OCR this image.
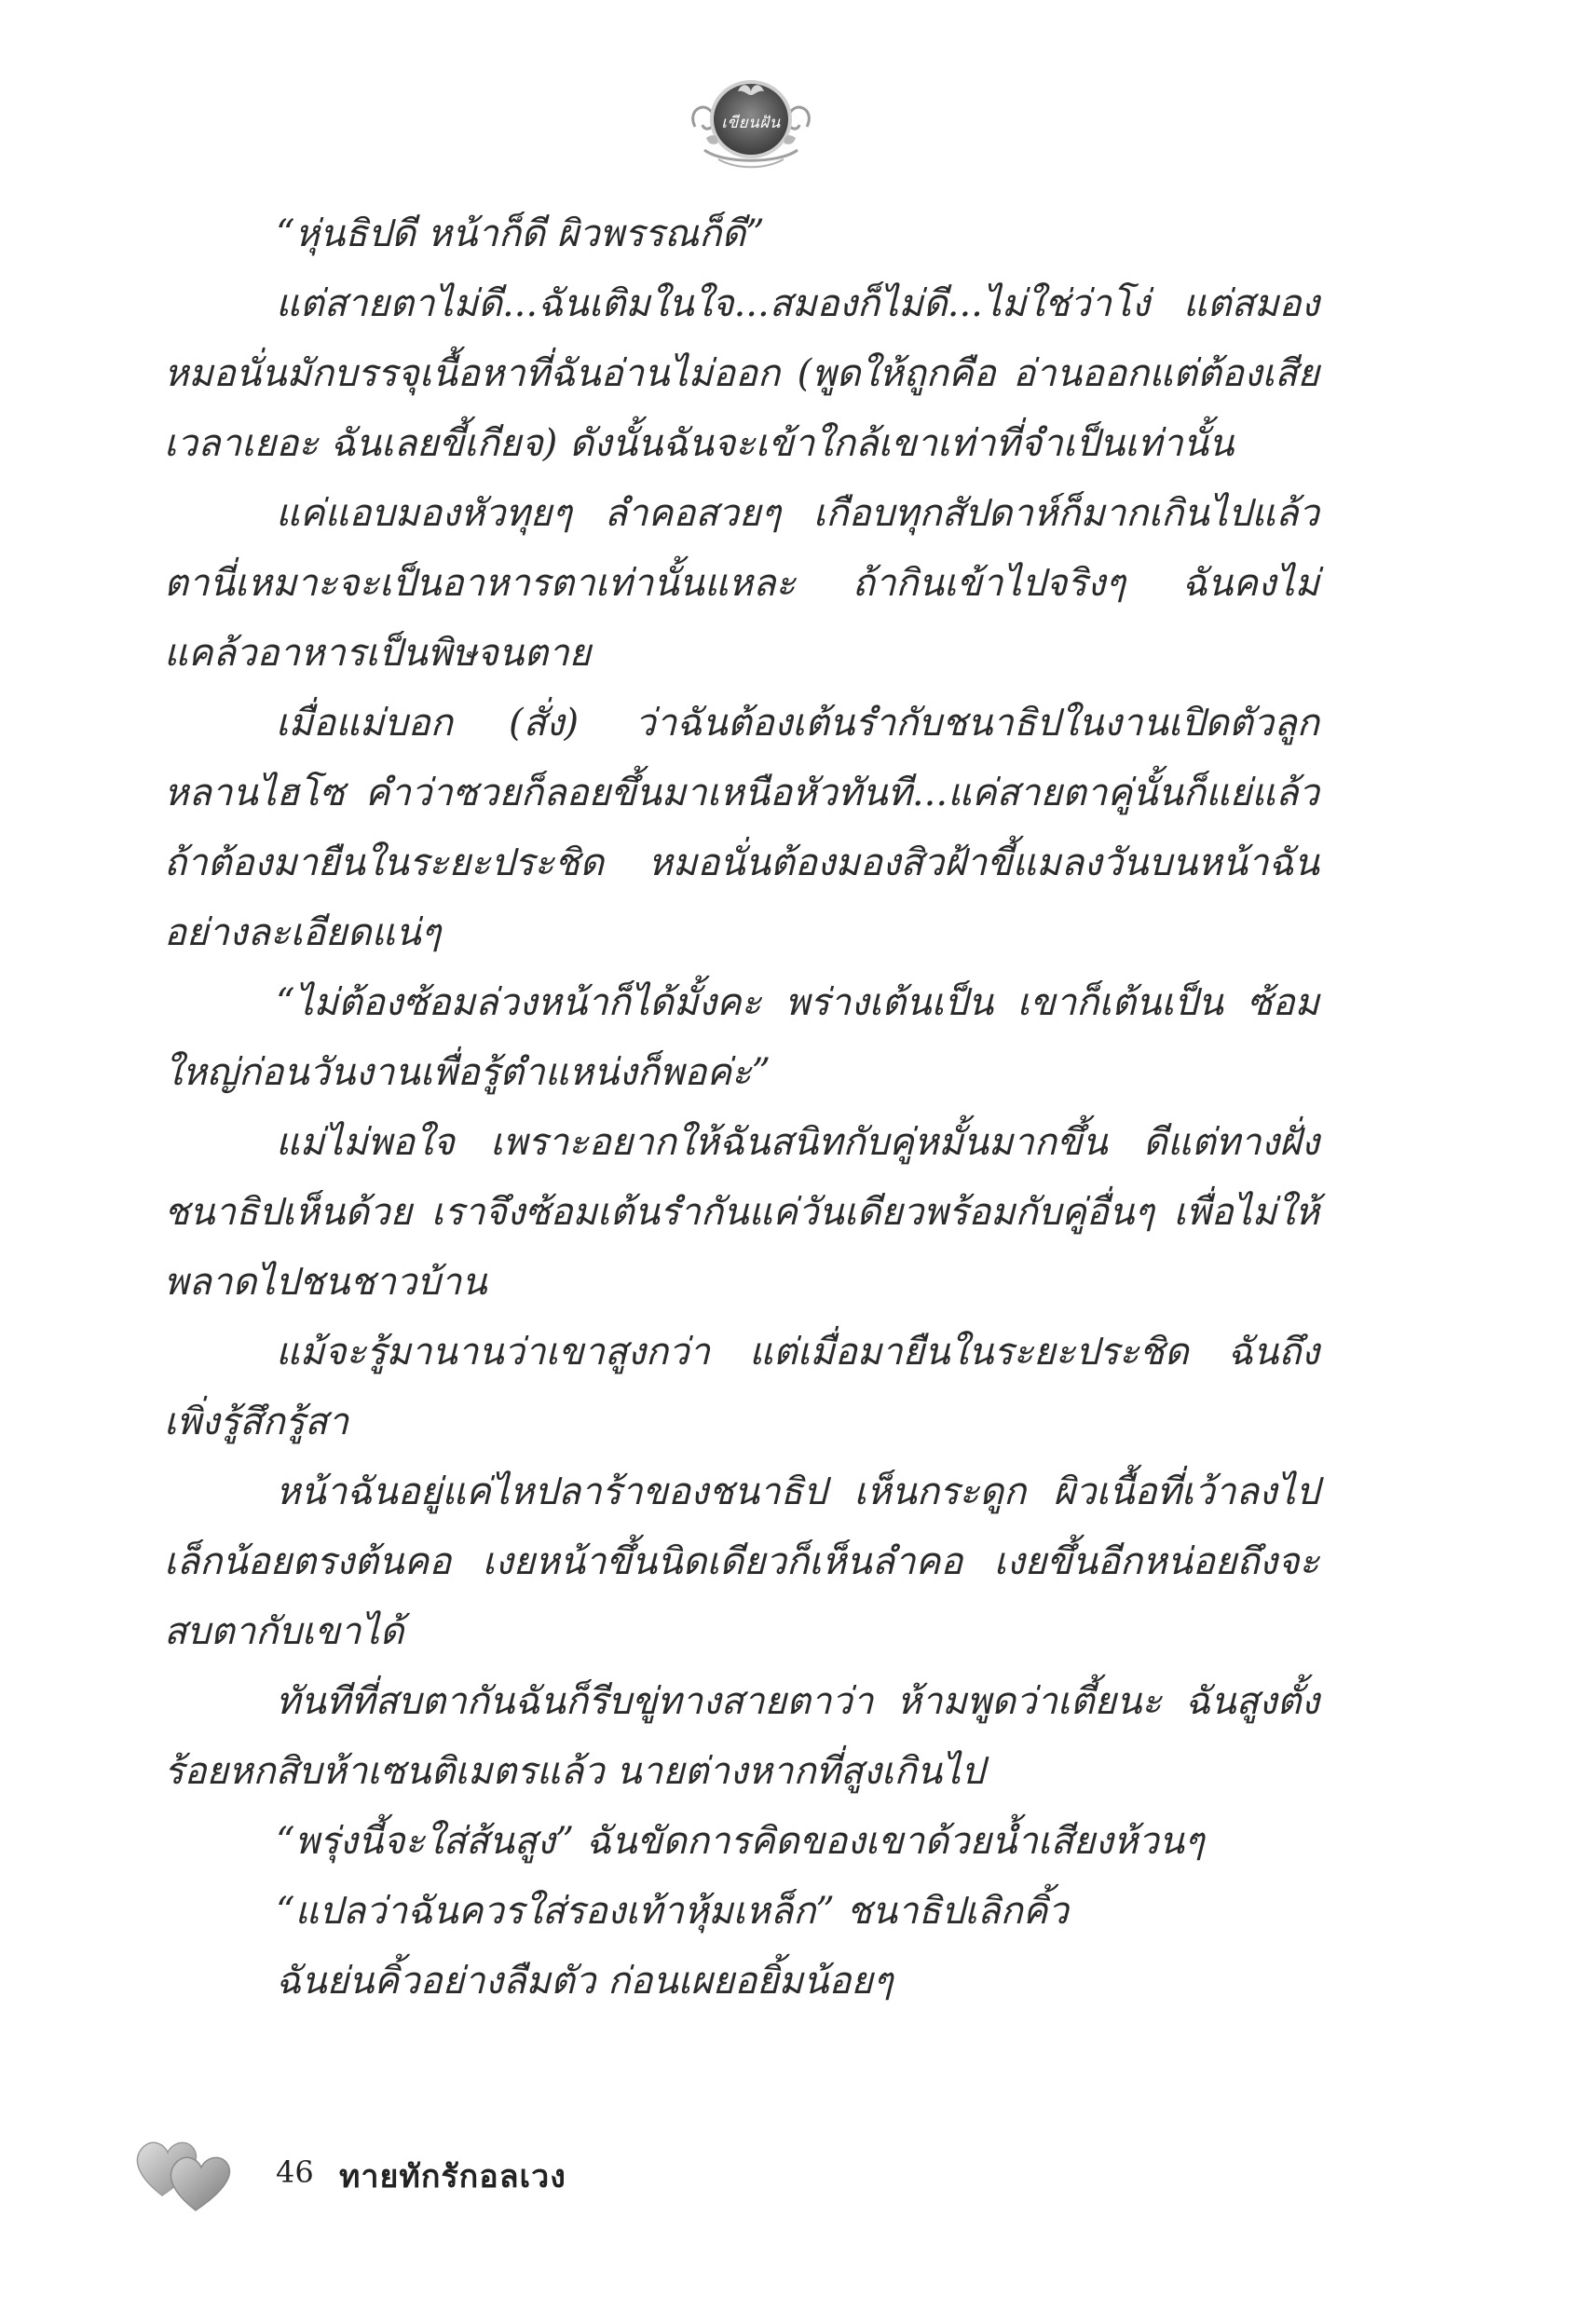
เขียนฝัน

“หุ่นธิปดี หน้าก็ดี ผิวพรรณก็ดี”

แต่สายตาไม่ดี...ฉันเติมในใจ...สมองก็ไม่ดี...ไม่ใช่ว่าโง่ แต่สมองหมอนั่นมักบรรจุเนื้อหาที่ฉันอ่านไม่ออก (พูดให้ถูกคือ อ่านออกแต่ต้องเสียเวลาเยอะ ฉันเลยขี้เกียจ) ดังนั้นฉันจะเข้าใกล้เขาเท่าที่จำเป็นเท่านั้น

แค่แอบมองหัวทุยๆ ลำคอสวยๆ เกือบทุกสัปดาห์ก็มากเกินไปแล้ว ตานี่เหมาะจะเป็นอาหารตาเท่านั้นแหละ ถ้ากินเข้าไปจริงๆ ฉันคงไม่แคล้วอาหารเป็นพิษจนตาย

เมื่อแม่บอก (สั่ง) ว่าฉันต้องเต้นรำกับชนาธิปในงานเปิดตัวลูกหลานไฮโซ คำว่าซวยก็ลอยขึ้นมาเหนือหัวทันที...แค่สายตาคู่นั้นก็แย่แล้ว ถ้าต้องมายืนในระยะประชิด หมอนั่นต้องมองสิวฝ้าขี้แมลงวันบนหน้าฉันอย่างละเอียดแน่ๆ

“ไม่ต้องซ้อมล่วงหน้าก็ได้มั้งคะ พร่างเต้นเป็น เขาก็เต้นเป็น ซ้อมใหญ่ก่อนวันงานเพื่อรู้ตำแหน่งก็พอค่ะ”

แม่ไม่พอใจ เพราะอยากให้ฉันสนิทกับคู่หมั้นมากขึ้น ดีแต่ทางฝั่งชนาธิปเห็นด้วย เราจึงซ้อมเต้นรำกันแค่วันเดียวพร้อมกับคู่อื่นๆ เพื่อไม่ให้พลาดไปชนชาวบ้าน

แม้จะรู้มานานว่าเขาสูงกว่า แต่เมื่อมายืนในระยะประชิด ฉันถึงเพิ่งรู้สึกรู้สา

หน้าฉันอยู่แค่ไหปลาร้าของชนาธิป เห็นกระดูก ผิวเนื้อที่เว้าลงไปเล็กน้อยตรงต้นคอ เงยหน้าขึ้นนิดเดียวก็เห็นลำคอ เงยขึ้นอีกหน่อยถึงจะสบตากับเขาได้

ทันทีที่สบตากันฉันก็รีบขู่ทางสายตาว่า ห้ามพูดว่าเตี้ยนะ ฉันสูงตั้งร้อยหกสิบห้าเซนติเมตรแล้ว นายต่างหากที่สูงเกินไป

“พรุ่งนี้จะใส่ส้นสูง” ฉันขัดการคิดของเขาด้วยน้ำเสียงห้วนๆ

“แปลว่าฉันควรใส่รองเท้าหุ้มเหล็ก” ชนาธิปเลิกคิ้ว

ฉันย่นคิ้วอย่างลืมตัว ก่อนเผยอยิ้มน้อยๆ

46 ทายทักรักอลเวง
